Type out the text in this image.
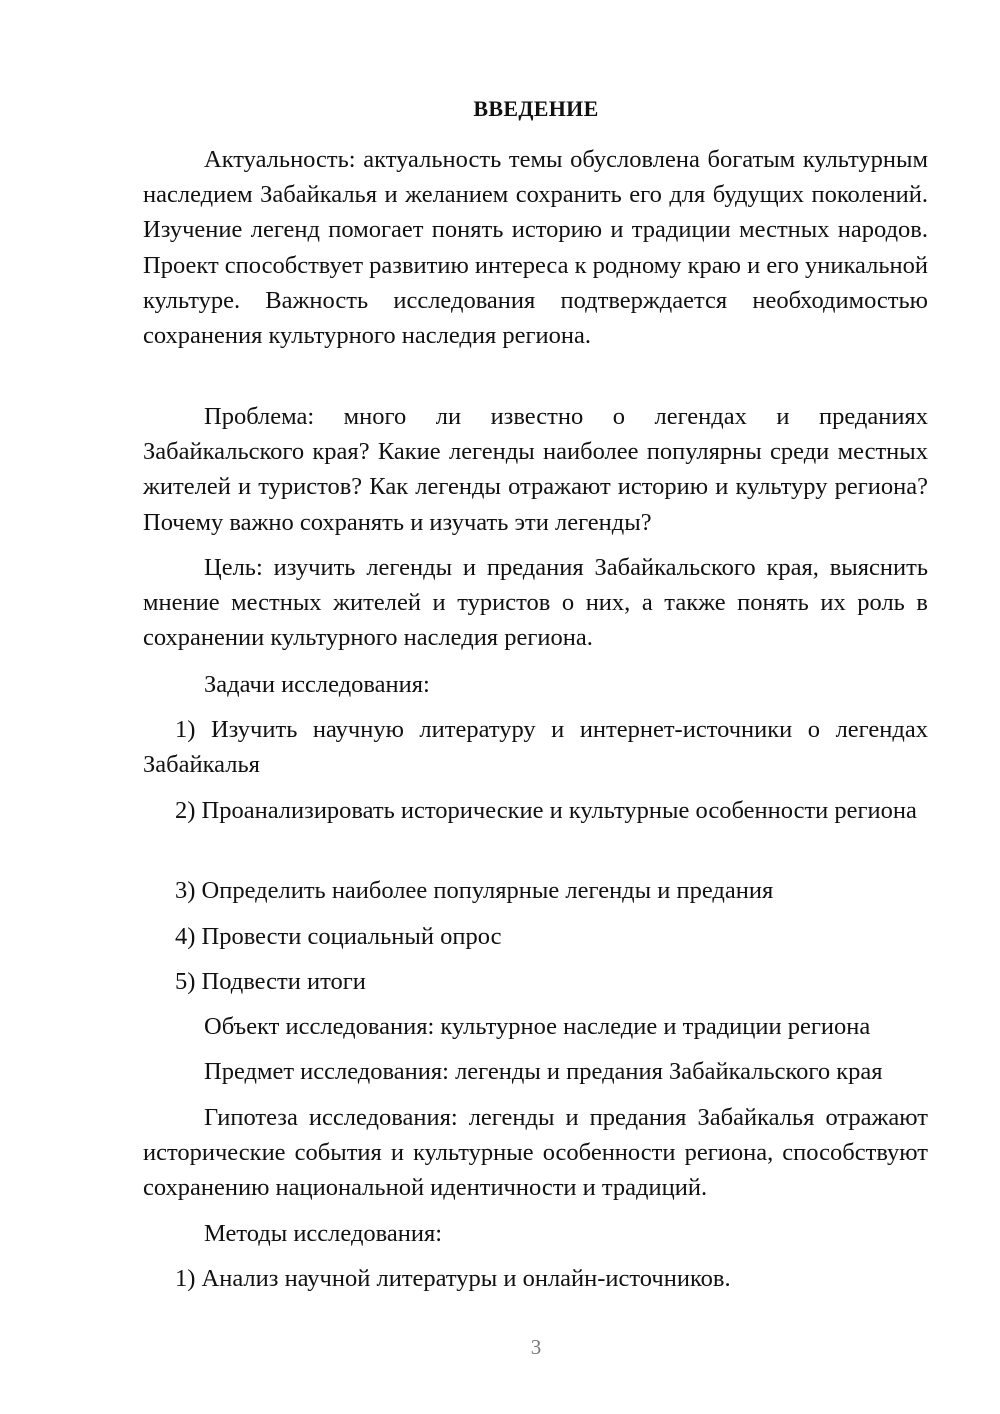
ВВЕДЕНИЕ

Актуальность: актуальность темы обусловлена богатым культурным наследием Забайкалья и желанием сохранить его для будущих поколений. Изучение легенд помогает понять историю и традиции местных народов. Проект способствует развитию интереса к родному краю и его уникальной культуре. Важность исследования подтверждается необходимостью сохранения культурного наследия региона.

Проблема: много ли известно о легендах и преданиях Забайкальского края? Какие легенды наиболее популярны среди местных жителей и туристов? Как легенды отражают историю и культуру региона? Почему важно сохранять и изучать эти легенды?

Цель: изучить легенды и предания Забайкальского края, выяснить мнение местных жителей и туристов о них, а также понять их роль в сохранении культурного наследия региона.

Задачи исследования:

1) Изучить научную литературу и интернет-источники о легендах Забайкалья

2) Проанализировать исторические и культурные особенности региона

3) Определить наиболее популярные легенды и предания

4) Провести социальный опрос

5) Подвести итоги

Объект исследования: культурное наследие и традиции региона

Предмет исследования: легенды и предания Забайкальского края

Гипотеза исследования: легенды и предания Забайкалья отражают исторические события и культурные особенности региона, способствуют сохранению национальной идентичности и традиций.

Методы исследования:

1) Анализ научной литературы и онлайн-источников.

3
